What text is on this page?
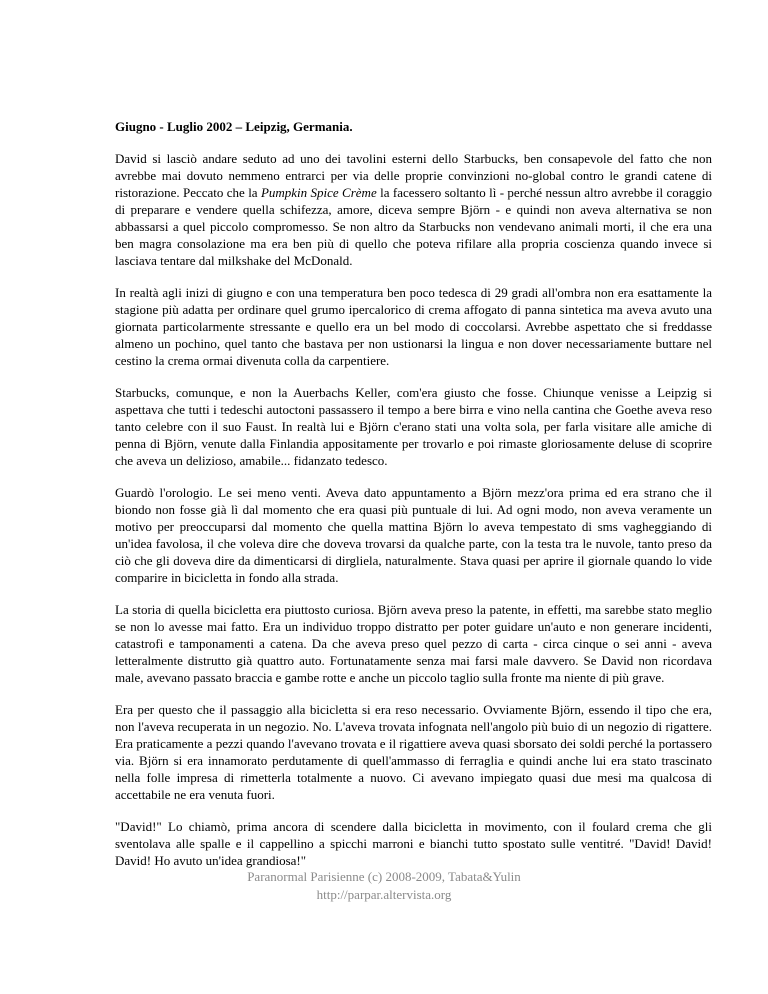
Giugno - Luglio 2002 – Leipzig, Germania.

David si lasciò andare seduto ad uno dei tavolini esterni dello Starbucks, ben consapevole del fatto che non avrebbe mai dovuto nemmeno entrarci per via delle proprie convinzioni no-global contro le grandi catene di ristorazione. Peccato che la Pumpkin Spice Crème la facessero soltanto lì - perché nessun altro avrebbe il coraggio di preparare e vendere quella schifezza, amore, diceva sempre Björn - e quindi non aveva alternativa se non abbassarsi a quel piccolo compromesso. Se non altro da Starbucks non vendevano animali morti, il che era una ben magra consolazione ma era ben più di quello che poteva rifilare alla propria coscienza quando invece si lasciava tentare dal milkshake del McDonald.

In realtà agli inizi di giugno e con una temperatura ben poco tedesca di 29 gradi all'ombra non era esattamente la stagione più adatta per ordinare quel grumo ipercalorico di crema affogato di panna sintetica ma aveva avuto una giornata particolarmente stressante e quello era un bel modo di coccolarsi. Avrebbe aspettato che si freddasse almeno un pochino, quel tanto che bastava per non ustionarsi la lingua e non dover necessariamente buttare nel cestino la crema ormai divenuta colla da carpentiere.

Starbucks, comunque, e non la Auerbachs Keller, com'era giusto che fosse. Chiunque venisse a Leipzig si aspettava che tutti i tedeschi autoctoni passassero il tempo a bere birra e vino nella cantina che Goethe aveva reso tanto celebre con il suo Faust. In realtà lui e Björn c'erano stati una volta sola, per farla visitare alle amiche di penna di Björn, venute dalla Finlandia appositamente per trovarlo e poi rimaste gloriosamente deluse di scoprire che aveva un delizioso, amabile... fidanzato tedesco.

Guardò l'orologio. Le sei meno venti. Aveva dato appuntamento a Björn mezz'ora prima ed era strano che il biondo non fosse già lì dal momento che era quasi più puntuale di lui. Ad ogni modo, non aveva veramente un motivo per preoccuparsi dal momento che quella mattina Björn lo aveva tempestato di sms vagheggiando di un'idea favolosa, il che voleva dire che doveva trovarsi da qualche parte, con la testa tra le nuvole, tanto preso da ciò che gli doveva dire da dimenticarsi di dirgliela, naturalmente. Stava quasi per aprire il giornale quando lo vide comparire in bicicletta in fondo alla strada.

La storia di quella bicicletta era piuttosto curiosa. Björn aveva preso la patente, in effetti, ma sarebbe stato meglio se non lo avesse mai fatto. Era un individuo troppo distratto per poter guidare un'auto e non generare incidenti, catastrofi e tamponamenti a catena. Da che aveva preso quel pezzo di carta - circa cinque o sei anni - aveva letteralmente distrutto già quattro auto. Fortunatamente senza mai farsi male davvero. Se David non ricordava male, avevano passato braccia e gambe rotte e anche un piccolo taglio sulla fronte ma niente di più grave.

Era per questo che il passaggio alla bicicletta si era reso necessario. Ovviamente Björn, essendo il tipo che era, non l'aveva recuperata in un negozio. No. L'aveva trovata infognata nell'angolo più buio di un negozio di rigattere. Era praticamente a pezzi quando l'avevano trovata e il rigattiere aveva quasi sborsato dei soldi perché la portassero via. Björn si era innamorato perdutamente di quell'ammasso di ferraglia e quindi anche lui era stato trascinato nella folle impresa di rimetterla totalmente a nuovo. Ci avevano impiegato quasi due mesi ma qualcosa di accettabile ne era venuta fuori.

"David!" Lo chiamò, prima ancora di scendere dalla bicicletta in movimento, con il foulard crema che gli sventolava alle spalle e il cappellino a spicchi marroni e bianchi tutto spostato sulle ventitré. "David! David! David! Ho avuto un'idea grandiosa!"

Paranormal Parisienne (c) 2008-2009, Tabata&Yulin
http://parpar.altervista.org
